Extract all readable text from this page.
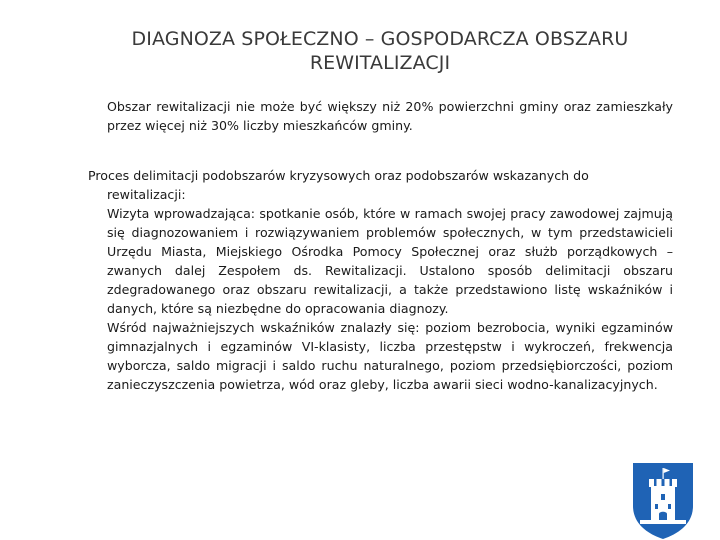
DIAGNOZA SPOŁECZNO – GOSPODARCZA OBSZARU REWITALIZACJI

Obszar rewitalizacji nie może być większy niż 20% powierzchni gminy oraz zamieszkały przez więcej niż 30% liczby mieszkańców gminy.

Proces delimitacji podobszarów kryzysowych oraz podobszarów wskazanych do
rewitalizacji:

Wizyta wprowadzająca: spotkanie osób, które w ramach swojej pracy zawodowej zajmują się diagnozowaniem i rozwiązywaniem problemów społecznych, w tym przedstawicieli Urzędu Miasta, Miejskiego Ośrodka Pomocy Społecznej oraz służb porządkowych – zwanych dalej Zespołem ds. Rewitalizacji. Ustalono sposób delimitacji obszaru zdegradowanego oraz obszaru rewitalizacji, a także przedstawiono listę wskaźników i danych, które są niezbędne do opracowania diagnozy.

Wśród najważniejszych wskaźników znalazły się: poziom bezrobocia, wyniki egzaminów gimnazjalnych i egzaminów VI-klasisty, liczba przestępstw i wykroczeń, frekwencja wyborcza, saldo migracji i saldo ruchu naturalnego, poziom przedsiębiorczości, poziom zanieczyszczenia powietrza, wód oraz gleby, liczba awarii sieci wodno-kanalizacyjnych.
